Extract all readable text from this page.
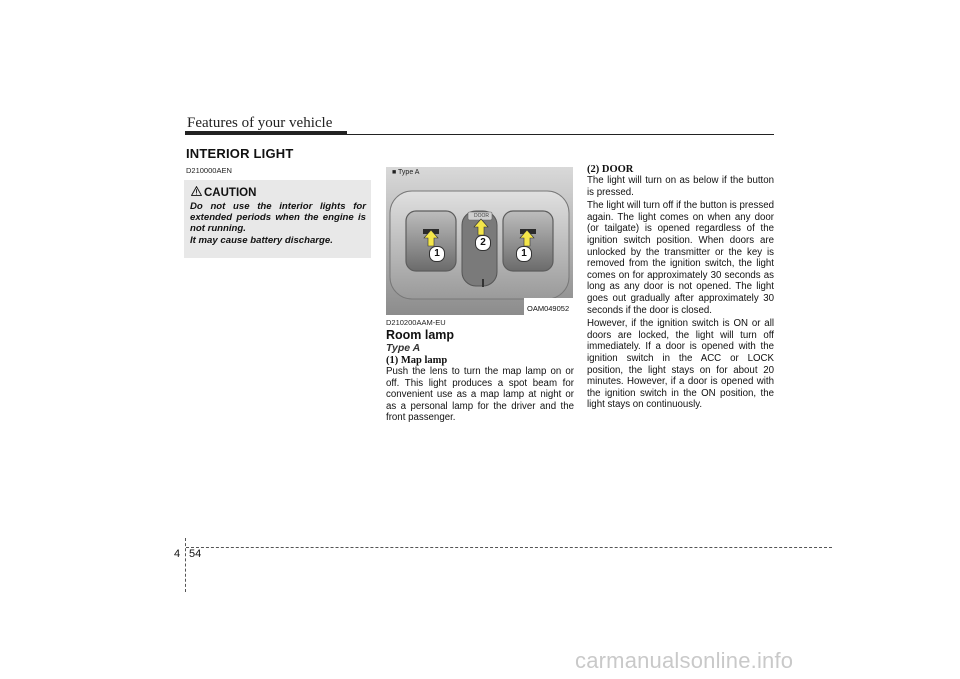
Features of your vehicle
INTERIOR LIGHT
D210000AEN
CAUTION
Do not use the interior lights for extended periods when the engine is not running.
It may cause battery discharge.
DOOR
1
2
1
■ Type A
OAM049052
D210200AAM-EU
Room lamp
Type A
(1) Map lamp
Push the lens to turn the map lamp on or off. This light produces a spot beam for convenient use as a map lamp at night or as a personal lamp for the driver and the front passenger.
(2) DOOR
The light will turn on as below if the button is pressed.
The light will turn off if the button is pressed again. The light comes on when any door (or tailgate) is opened regardless of the ignition switch position. When doors are unlocked by the transmitter or the key is removed from the ignition switch, the light comes on for approximately 30 seconds as long as any door is not opened. The light goes out gradually after approximately 30 seconds if the door is closed.
However, if the ignition switch is ON or all doors are locked, the light will turn off immediately. If a door is opened with the ignition switch in the ACC or LOCK position, the light stays on for about 20 minutes. However, if a door is opened with the ignition switch in the ON position, the light stays on continuously.
4 54
carmanualsonline.info
